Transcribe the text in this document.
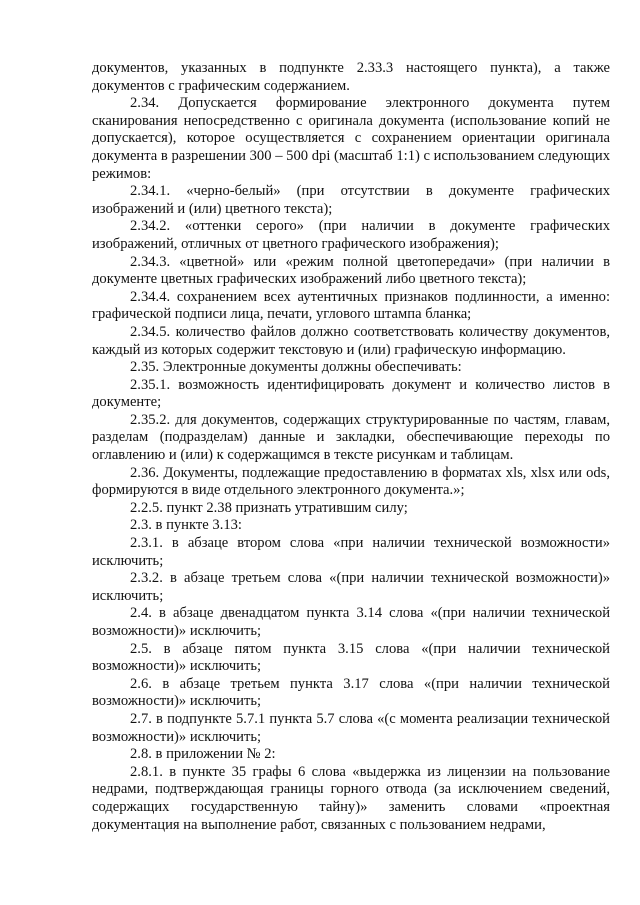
документов, указанных в подпункте 2.33.3 настоящего пункта), а также документов с графическим содержанием.

2.34. Допускается формирование электронного документа путем сканирования непосредственно с оригинала документа (использование копий не допускается), которое осуществляется с сохранением ориентации оригинала документа в разрешении 300 – 500 dpi (масштаб 1:1) с использованием следующих режимов:

2.34.1. «черно-белый» (при отсутствии в документе графических изображений и (или) цветного текста);

2.34.2. «оттенки серого» (при наличии в документе графических изображений, отличных от цветного графического изображения);

2.34.3. «цветной» или «режим полной цветопередачи» (при наличии в документе цветных графических изображений либо цветного текста);

2.34.4. сохранением всех аутентичных признаков подлинности, а именно: графической подписи лица, печати, углового штампа бланка;

2.34.5. количество файлов должно соответствовать количеству документов, каждый из которых содержит текстовую и (или) графическую информацию.

2.35. Электронные документы должны обеспечивать:

2.35.1. возможность идентифицировать документ и количество листов в документе;

2.35.2. для документов, содержащих структурированные по частям, главам, разделам (подразделам) данные и закладки, обеспечивающие переходы по оглавлению и (или) к содержащимся в тексте рисункам и таблицам.

2.36. Документы, подлежащие предоставлению в форматах xls, xlsx или ods, формируются в виде отдельного электронного документа.»;

2.2.5. пункт 2.38 признать утратившим силу;

2.3. в пункте 3.13:

2.3.1. в абзаце втором слова «при наличии технической возможности» исключить;

2.3.2. в абзаце третьем слова «(при наличии технической возможности)» исключить;

2.4. в абзаце двенадцатом пункта 3.14 слова «(при наличии технической возможности)» исключить;

2.5. в абзаце пятом пункта 3.15 слова «(при наличии технической возможности)» исключить;

2.6. в абзаце третьем пункта 3.17 слова «(при наличии технической возможности)» исключить;

2.7. в подпункте 5.7.1 пункта 5.7 слова «(с момента реализации технической возможности)» исключить;

2.8. в приложении № 2:

2.8.1. в пункте 35 графы 6 слова «выдержка из лицензии на пользование недрами, подтверждающая границы горного отвода (за исключением сведений, содержащих государственную тайну)» заменить словами «проектная документация на выполнение работ, связанных с пользованием недрами,
